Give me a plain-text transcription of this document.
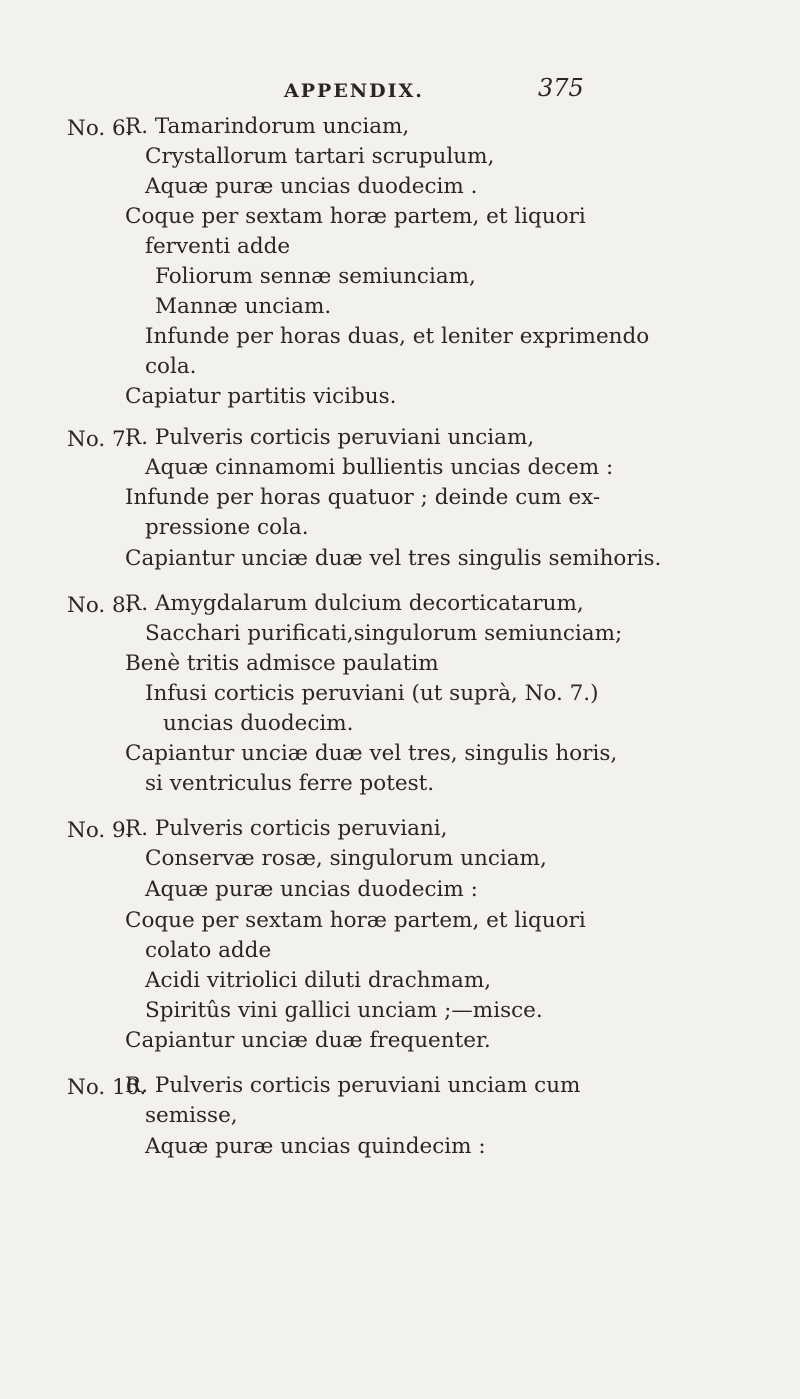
APPENDIX.	375
No. 6.
R. Tamarindorum unciam,
Crystallorum tartari scrupulum,
Aquæ puræ uncias duodecim .
Coque per sextam horæ partem, et liquori
ferventi adde
Foliorum sennæ semiunciam,
Mannæ unciam.
Infunde per horas duas, et leniter exprimendo
cola.
Capiatur partitis vicibus.
No. 7.
R. Pulveris corticis peruviani unciam,
Aquæ cinnamomi bullientis uncias decem :
Infunde per horas quatuor ; deinde cum ex-
pressione cola.
Capiantur unciæ duæ vel tres singulis semihoris.
No. 8.
R. Amygdalarum dulcium decorticatarum,
Sacchari purificati,singulorum semiunciam;
Benè tritis admisce paulatim
Infusi corticis peruviani (ut suprà, No. 7.)
uncias duodecim.
Capiantur unciæ duæ vel tres, singulis horis,
si ventriculus ferre potest.
No. 9.
R. Pulveris corticis peruviani,
Conservæ rosæ, singulorum unciam,
Aquæ puræ uncias duodecim :
Coque per sextam horæ partem, et liquori
colato adde
Acidi vitriolici diluti drachmam,
Spiritûs vini gallici unciam ;—misce.
Capiantur unciæ duæ frequenter.
No. 10.
R. Pulveris corticis peruviani unciam cum
semisse,
Aquæ puræ uncias quindecim :
